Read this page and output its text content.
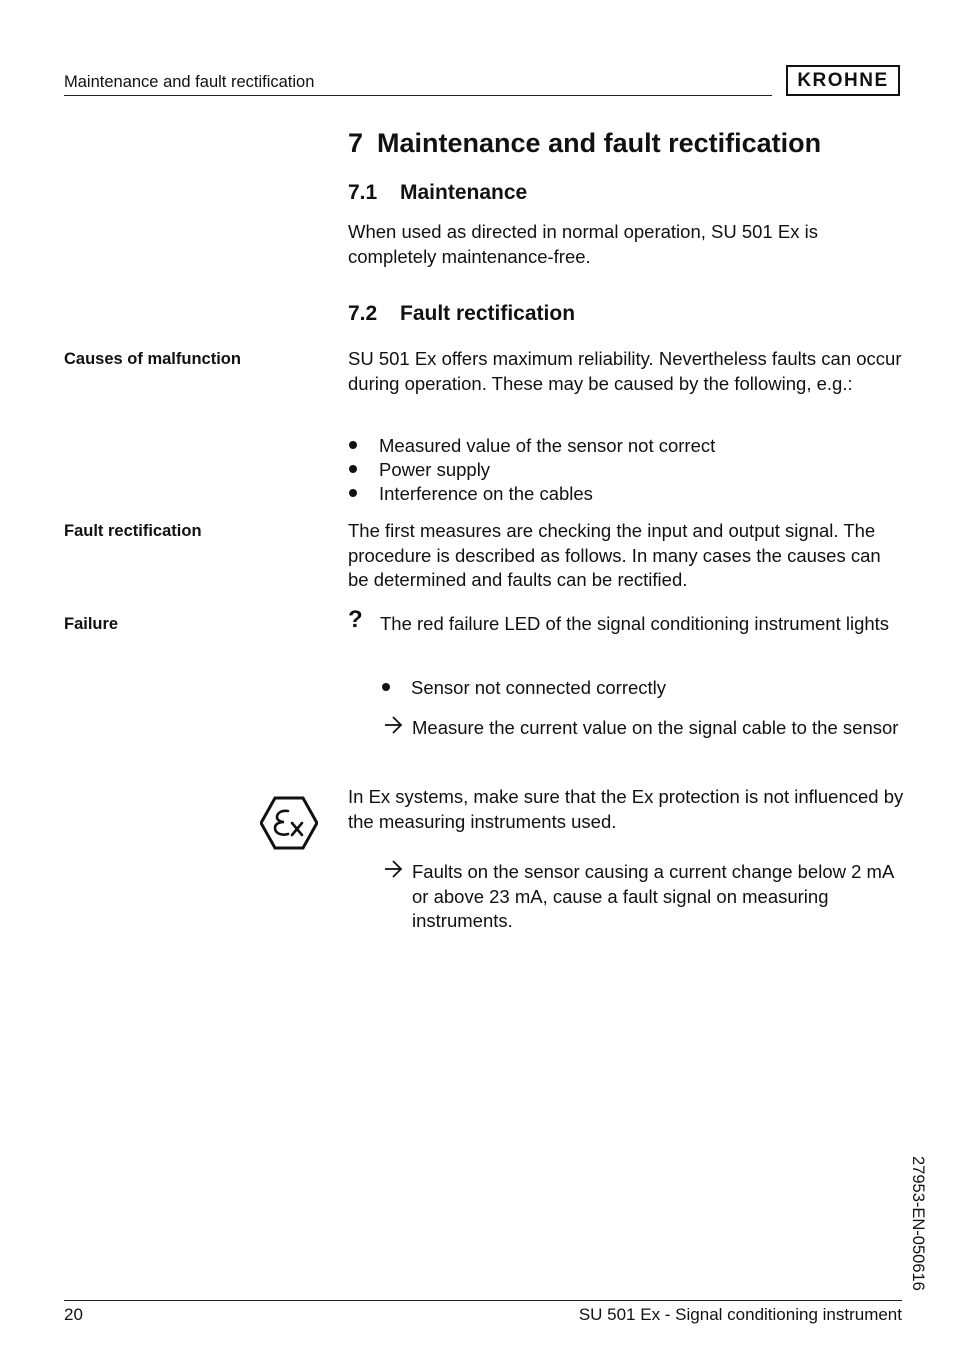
Maintenance and fault rectification	KROHNE
7 Maintenance and fault rectification
7.1 Maintenance
When used as directed in normal operation, SU 501 Ex is completely maintenance-free.
7.2 Fault rectification
Causes of malfunction	SU 501 Ex offers maximum reliability. Nevertheless faults can occur during operation. These may be caused by the following, e.g.:
Measured value of the sensor not correct
Power supply
Interference on the cables
Fault rectification	The first measures are checking the input and output signal. The procedure is described as follows. In many cases the causes can be determined and faults can be rectified.
Failure	? The red failure LED of the signal conditioning instrument lights
Sensor not connected correctly
Measure the current value on the signal cable to the sensor
In Ex systems, make sure that the Ex protection is not influenced by the measuring instruments used.
Faults on the sensor causing a current change below 2 mA or above 23 mA, cause a fault signal on measuring instruments.
27953-EN-050616
20	SU 501 Ex - Signal conditioning instrument
